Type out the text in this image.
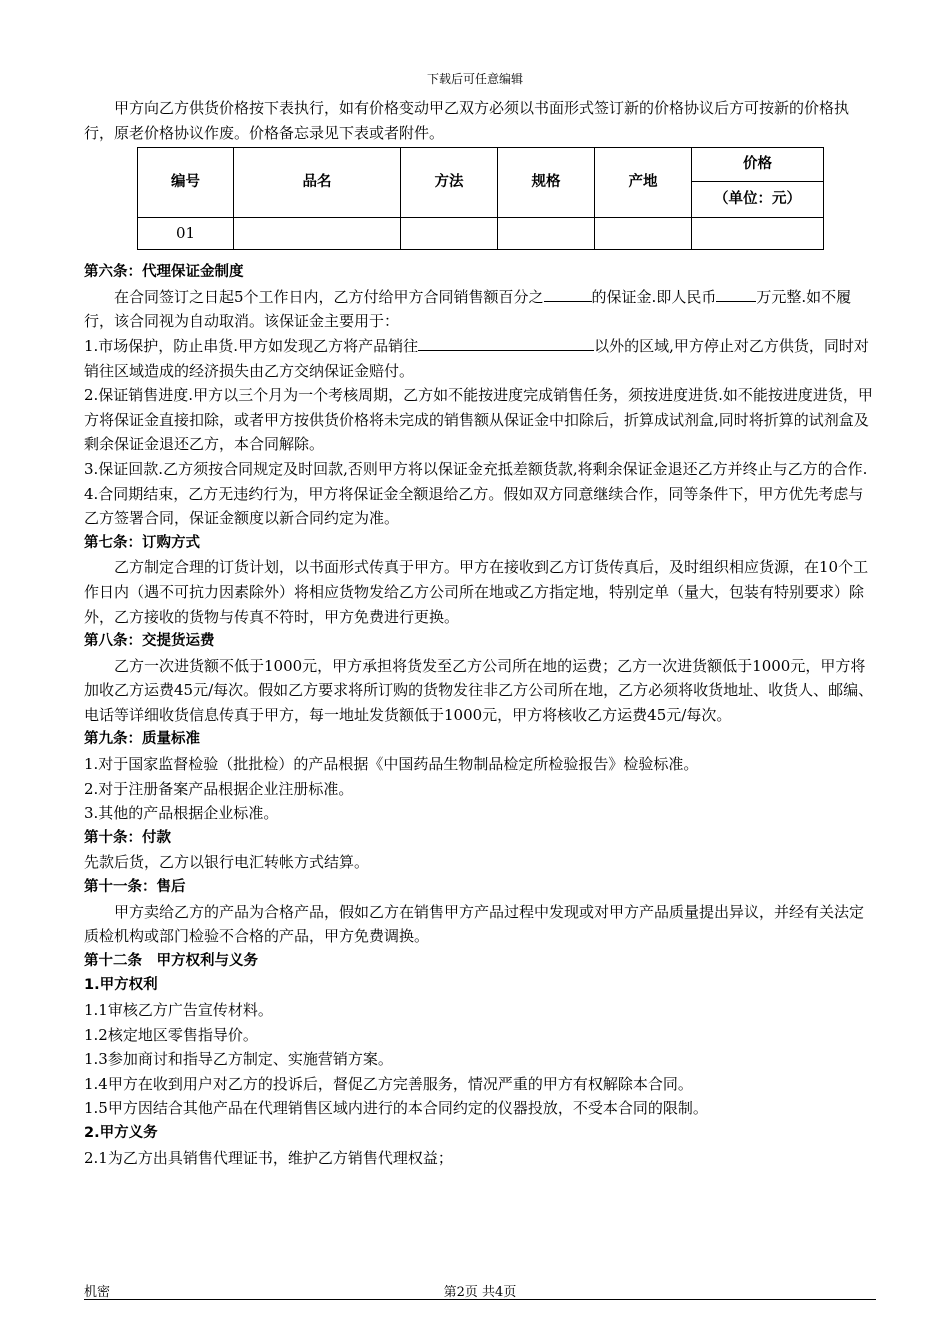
下载后可任意编辑

甲方向乙方供货价格按下表执行，如有价格变动甲乙双方必须以书面形式签订新的价格协议后方可按新的价格执行，原老价格协议作废。价格备忘录见下表或者附件。

编号	品名	方法	规格	产地	价格
					（单位：元）
01					

第六条：代理保证金制度

在合同签订之日起5个工作日内，乙方付给甲方合同销售额百分之	的保证金.即人民币	万元整.如不履行，该合同视为自动取消。该保证金主要用于：

1.市场保护，防止串货.甲方如发现乙方将产品销往	以外的区域,甲方停止对乙方供货，同时对销往区域造成的经济损失由乙方交纳保证金赔付。

2.保证销售进度.甲方以三个月为一个考核周期，乙方如不能按进度完成销售任务，须按进度进货.如不能按进度进货，甲方将保证金直接扣除，或者甲方按供货价格将未完成的销售额从保证金中扣除后，折算成试剂盒,同时将折算的试剂盒及剩余保证金退还乙方，本合同解除。

3.保证回款.乙方须按合同规定及时回款,否则甲方将以保证金充抵差额货款,将剩余保证金退还乙方并终止与乙方的合作.

4.合同期结束，乙方无违约行为，甲方将保证金全额退给乙方。假如双方同意继续合作，同等条件下，甲方优先考虑与乙方签署合同，保证金额度以新合同约定为准。

第七条：订购方式

乙方制定合理的订货计划，以书面形式传真于甲方。甲方在接收到乙方订货传真后，及时组织相应货源，在10个工作日内（遇不可抗力因素除外）将相应货物发给乙方公司所在地或乙方指定地，特别定单（量大，包装有特别要求）除外，乙方接收的货物与传真不符时，甲方免费进行更换。

第八条：交提货运费

乙方一次进货额不低于1000元，甲方承担将货发至乙方公司所在地的运费；乙方一次进货额低于1000元，甲方将加收乙方运费45元/每次。假如乙方要求将所订购的货物发往非乙方公司所在地，乙方必须将收货地址、收货人、邮编、电话等详细收货信息传真于甲方，每一地址发货额低于1000元，甲方将核收乙方运费45元/每次。

第九条：质量标准

1.对于国家监督检验（批批检）的产品根据《中国药品生物制品检定所检验报告》检验标准。

2.对于注册备案产品根据企业注册标准。

3.其他的产品根据企业标准。

第十条：付款

先款后货，乙方以银行电汇转帐方式结算。

第十一条：售后

甲方卖给乙方的产品为合格产品，假如乙方在销售甲方产品过程中发现或对甲方产品质量提出异议，并经有关法定质检机构或部门检验不合格的产品，甲方免费调换。

第十二条　甲方权利与义务

1.甲方权利

1.1审核乙方广告宣传材料。

1.2核定地区零售指导价。

1.3参加商讨和指导乙方制定、实施营销方案。

1.4甲方在收到用户对乙方的投诉后，督促乙方完善服务，情况严重的甲方有权解除本合同。

1.5甲方因结合其他产品在代理销售区域内进行的本合同约定的仪器投放，不受本合同的限制。

2.甲方义务

2.1为乙方出具销售代理证书，维护乙方销售代理权益；

机密	第2页 共4页
